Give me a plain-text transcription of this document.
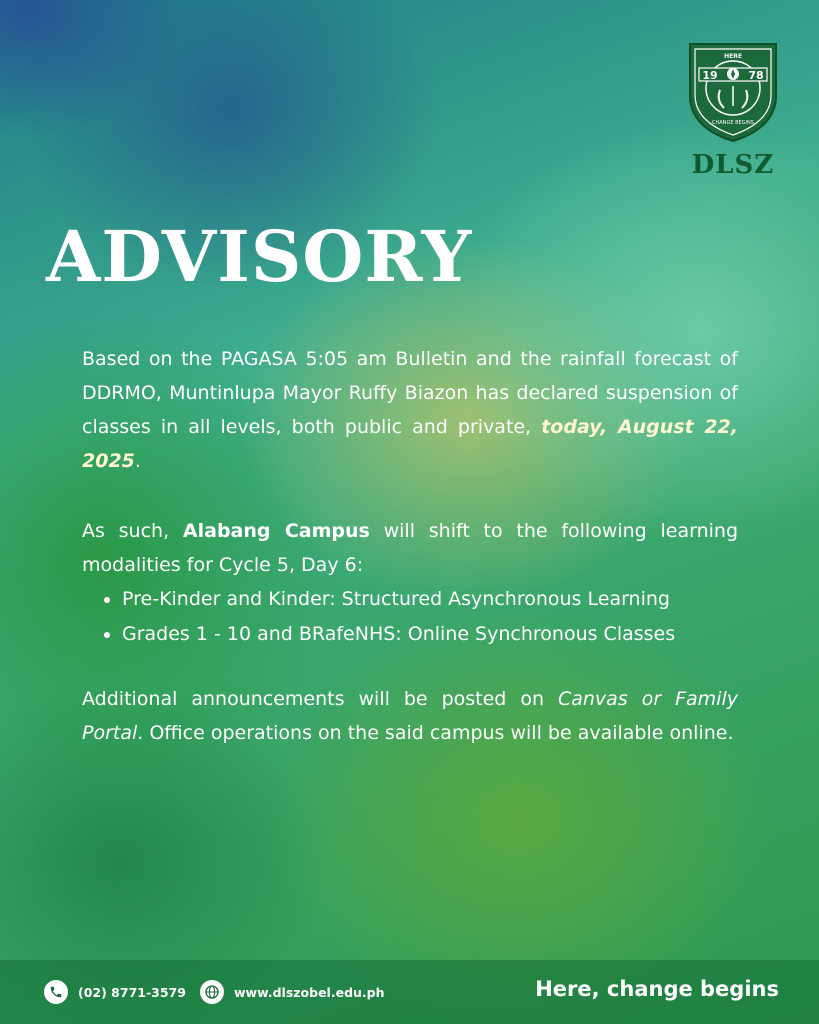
19	78
HERE
CHANGE BEGINS
DLSZ
ADVISORY

Based on the PAGASA 5:05 am Bulletin and the rainfall forecast of DDRMO, Muntinlupa Mayor Ruffy Biazon has declared suspension of classes in all levels, both public and private, today, August 22, 2025.

As such, Alabang Campus will shift to the following learning modalities for Cycle 5, Day 6:

• Pre-Kinder and Kinder: Structured Asynchronous Learning
• Grades 1 - 10 and BRafeNHS: Online Synchronous Classes

Additional announcements will be posted on Canvas or Family Portal. Office operations on the said campus will be available online.

(02) 8771-3579	www.dlszobel.edu.ph	Here, change begins
